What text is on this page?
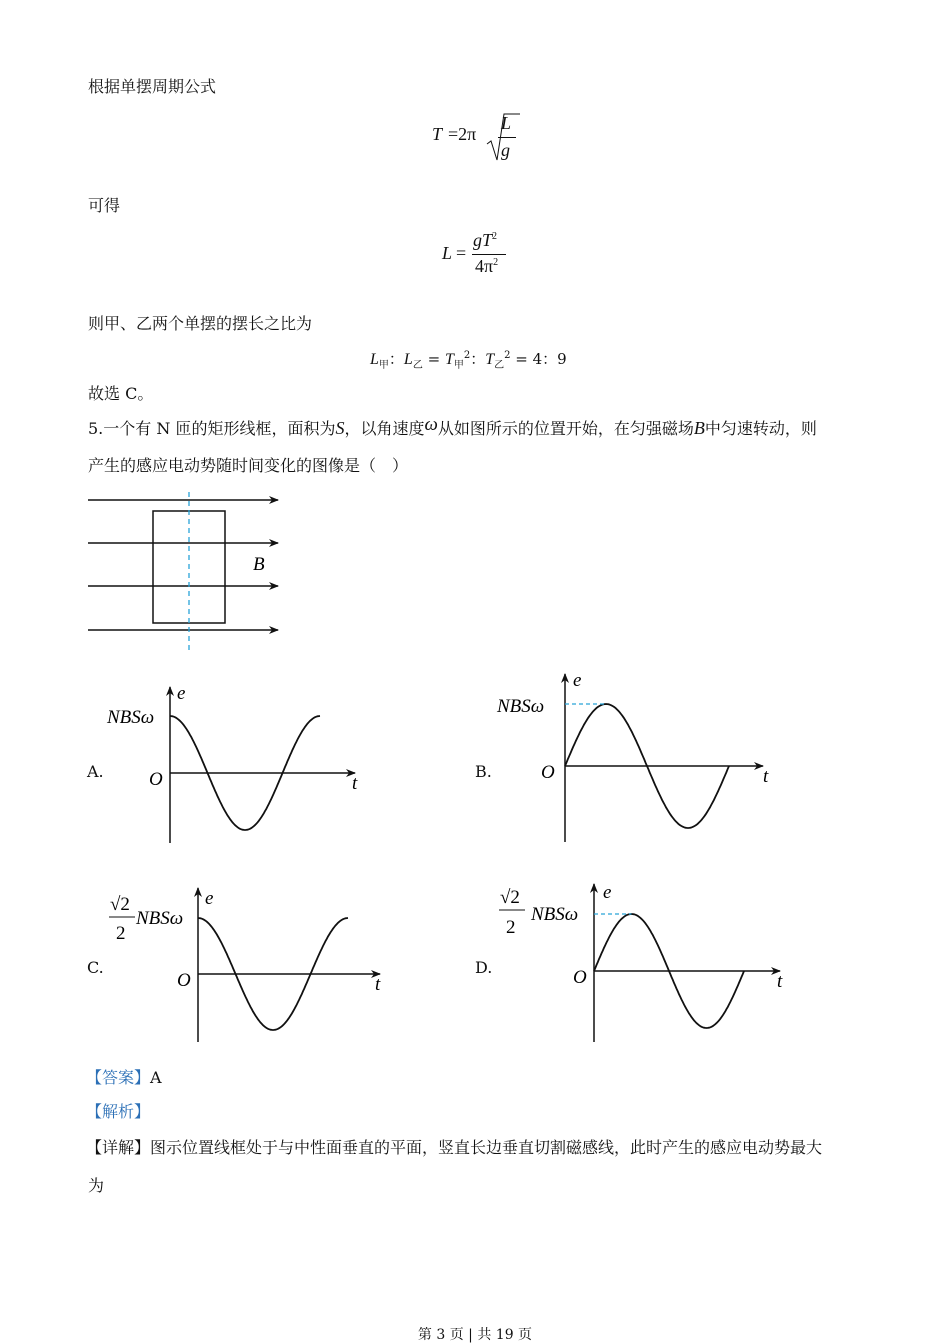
根据单摆周期公式
T =2π
L
g
可得
L =
$gT^2$
$4\pi^2$
则甲、乙两个单摆的摆长之比为
$L_甲$：$L_乙 = T_甲^2$：$T_乙^2 = 4$：9
故选 C。
5.一个有 N 匝的矩形线框，面积为S，以角速度ω从如图所示的位置开始，在匀强磁场B中匀速转动，则
产生的感应电动势随时间变化的图像是（　）
B
A.
e
t
O
NBSω
B.
e
t
O
NBSω
C.
e
t
O
√2
2
NBSω
D.
e
t
O
√2
2
NBSω
【答案】A
【解析】
【详解】图示位置线框处于与中性面垂直的平面，竖直长边垂直切割磁感线，此时产生的感应电动势最大
为
第 3 页 | 共 19 页
